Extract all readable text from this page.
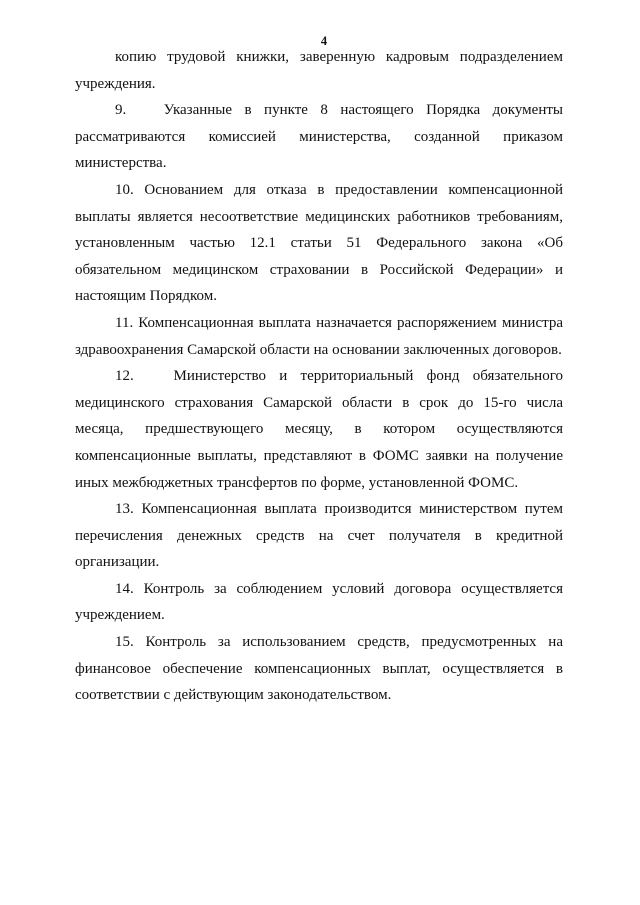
4

копию трудовой книжки, заверенную кадровым подразделением учреждения.

9.   Указанные в пункте 8 настоящего Порядка документы рассматриваются комиссией министерства, созданной приказом министерства.

10. Основанием для отказа в предоставлении компенсационной выплаты является несоответствие медицинских работников требованиям, установленным частью 12.1 статьи 51 Федерального закона «Об обязательном медицинском страховании в Российской Федерации» и настоящим Порядком.

11. Компенсационная выплата назначается распоряжением министра здравоохранения Самарской области на основании заключенных договоров.

12.   Министерство и территориальный фонд обязательного медицинского страхования Самарской области в срок до 15-го числа месяца, предшествующего месяцу, в котором осуществляются компенсационные выплаты, представляют в ФОМС заявки на получение иных межбюджетных трансфертов по форме, установленной ФОМС.

13. Компенсационная выплата производится министерством путем перечисления денежных средств на счет получателя в кредитной организации.

14. Контроль за соблюдением условий договора осуществляется учреждением.

15. Контроль за использованием средств, предусмотренных на финансовое обеспечение компенсационных выплат, осуществляется в соответствии с действующим законодательством.
